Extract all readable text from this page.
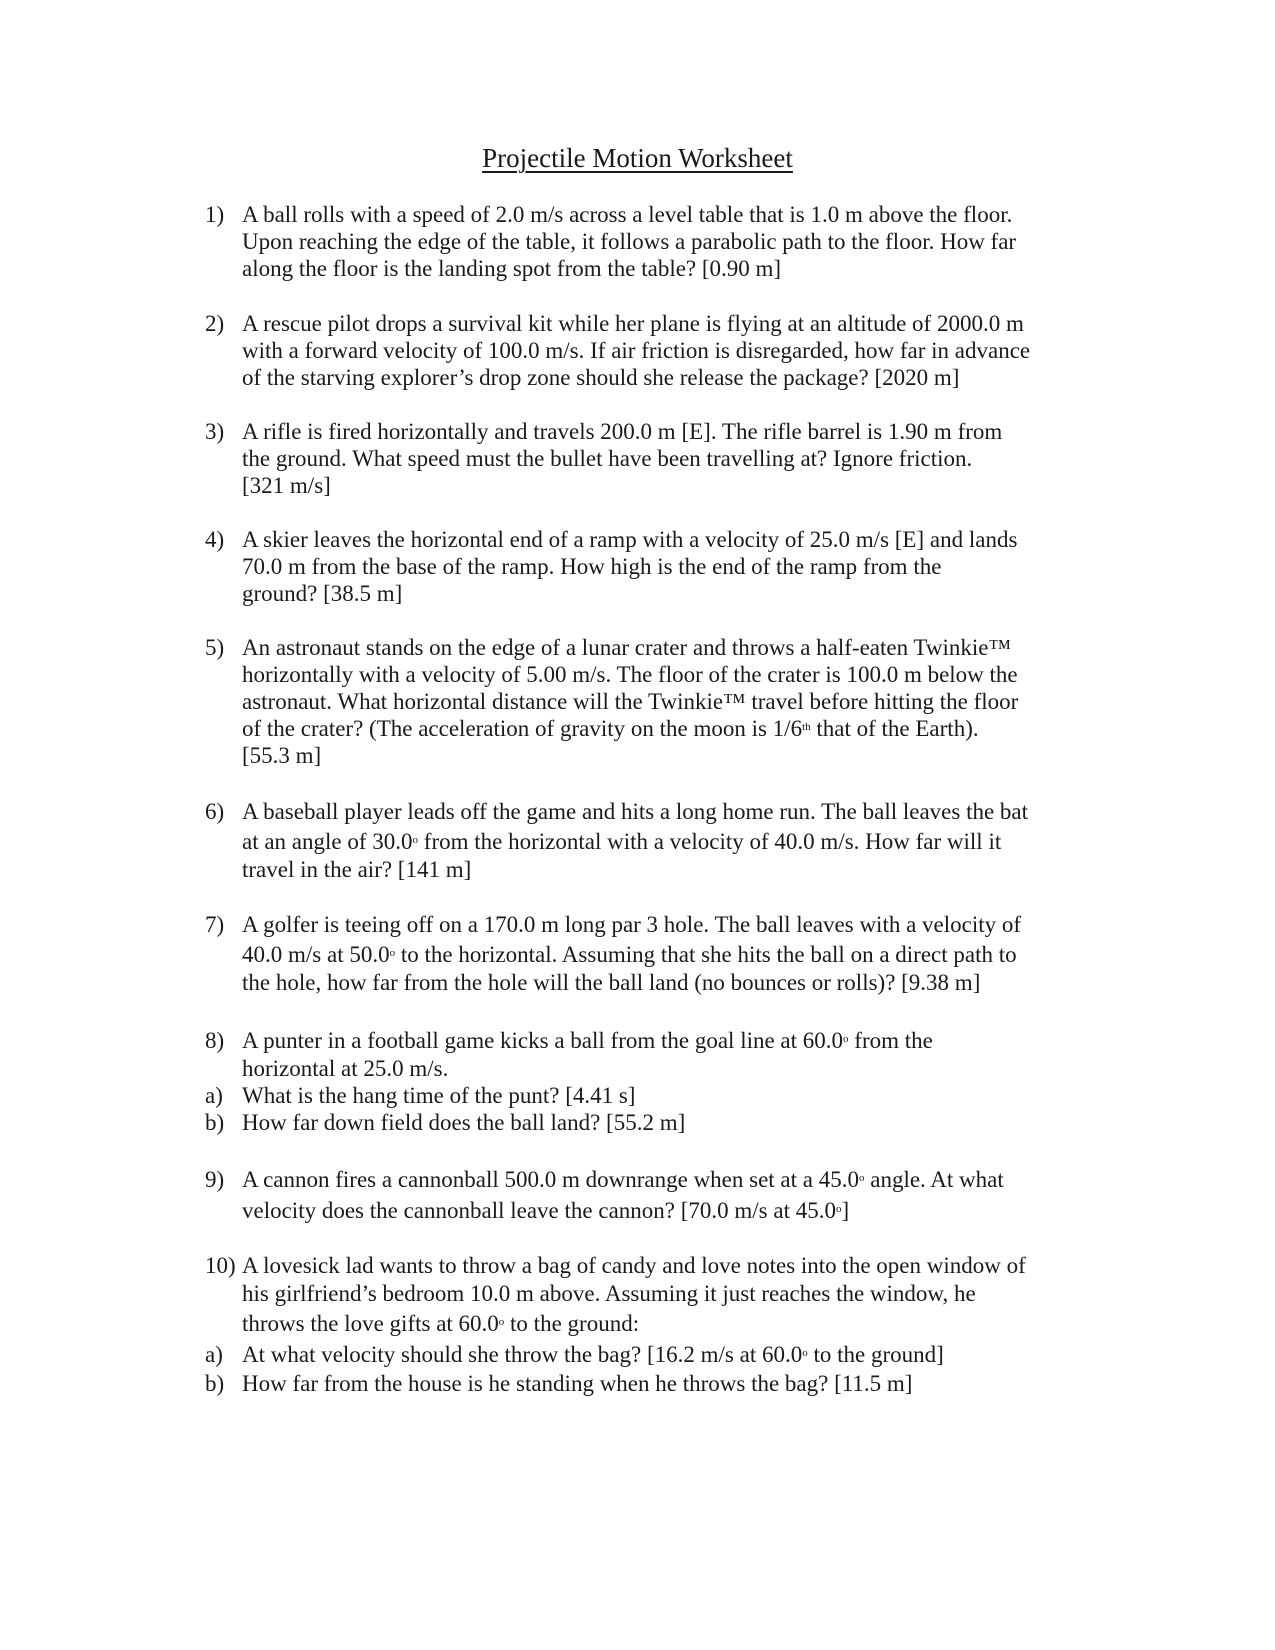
Projectile Motion Worksheet
1) A ball rolls with a speed of 2.0 m/s across a level table that is 1.0 m above the floor.
Upon reaching the edge of the table, it follows a parabolic path to the floor. How far
along the floor is the landing spot from the table? [0.90 m]
2) A rescue pilot drops a survival kit while her plane is flying at an altitude of 2000.0 m
with a forward velocity of 100.0 m/s. If air friction is disregarded, how far in advance
of the starving explorer’s drop zone should she release the package? [2020 m]
3) A rifle is fired horizontally and travels 200.0 m [E]. The rifle barrel is 1.90 m from
the ground. What speed must the bullet have been travelling at? Ignore friction.
[321 m/s]
4) A skier leaves the horizontal end of a ramp with a velocity of 25.0 m/s [E] and lands
70.0 m from the base of the ramp. How high is the end of the ramp from the
ground? [38.5 m]
5) An astronaut stands on the edge of a lunar crater and throws a half-eaten Twinkie™
horizontally with a velocity of 5.00 m/s. The floor of the crater is 100.0 m below the
astronaut. What horizontal distance will the Twinkie™ travel before hitting the floor
of the crater? (The acceleration of gravity on the moon is 1/6th that of the Earth).
[55.3 m]
6) A baseball player leads off the game and hits a long home run. The ball leaves the bat
at an angle of 30.0$^o$ from the horizontal with a velocity of 40.0 m/s. How far will it
travel in the air? [141 m]
7) A golfer is teeing off on a 170.0 m long par 3 hole. The ball leaves with a velocity of
40.0 m/s at 50.0$^o$ to the horizontal. Assuming that she hits the ball on a direct path to
the hole, how far from the hole will the ball land (no bounces or rolls)? [9.38 m]
8) A punter in a football game kicks a ball from the goal line at 60.0$^o$ from the
horizontal at 25.0 m/s.
a) What is the hang time of the punt? [4.41 s]
b) How far down field does the ball land? [55.2 m]
9) A cannon fires a cannonball 500.0 m downrange when set at a 45.0$^o$ angle. At what
velocity does the cannonball leave the cannon? [70.0 m/s at 45.0$^o$]
10) A lovesick lad wants to throw a bag of candy and love notes into the open window of
his girlfriend’s bedroom 10.0 m above. Assuming it just reaches the window, he
throws the love gifts at 60.0$^o$ to the ground:
a) At what velocity should she throw the bag? [16.2 m/s at 60.0$^o$ to the ground]
b) How far from the house is he standing when he throws the bag? [11.5 m]
